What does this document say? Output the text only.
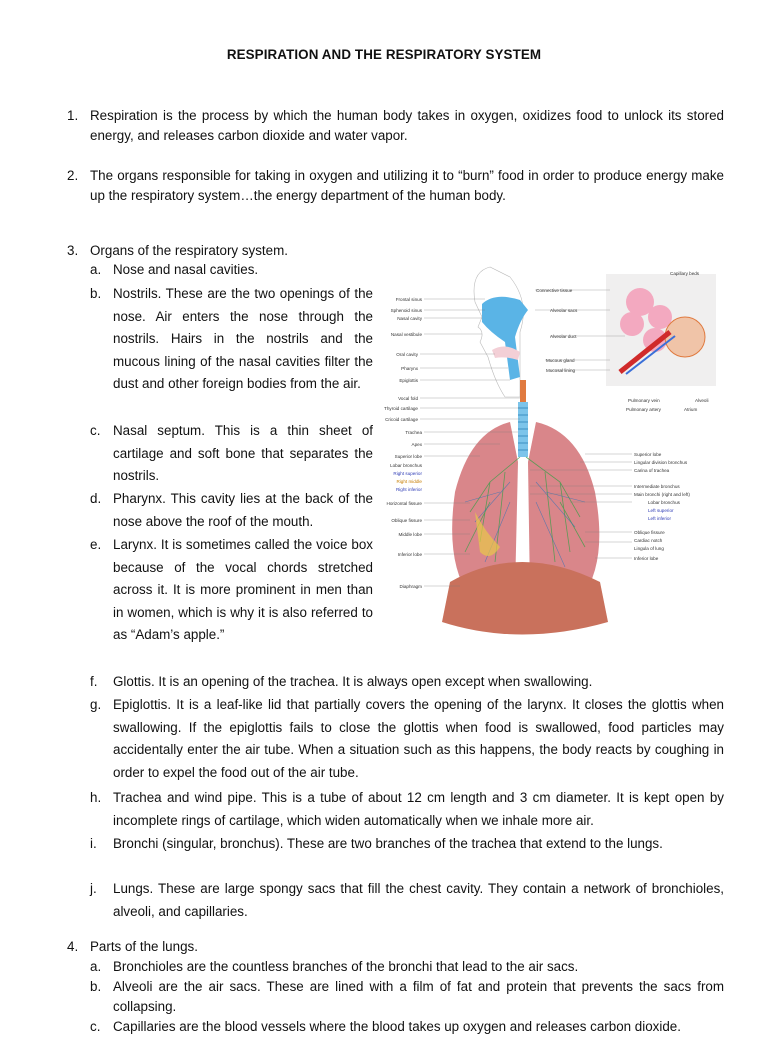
RESPIRATION AND THE RESPIRATORY SYSTEM
1. Respiration is the process by which the human body takes in oxygen, oxidizes food to unlock its stored energy, and releases carbon dioxide and water vapor.
2. The organs responsible for taking in oxygen and utilizing it to “burn” food in order to produce energy make up the respiratory system…the energy department of the human body.
3. Organs of the respiratory system.
a. Nose and nasal cavities.
b. Nostrils. These are the two openings of the nose. Air enters the nose through the nostrils. Hairs in the nostrils and the mucous lining of the nasal cavities filter the dust and other foreign bodies from the air.
c. Nasal septum. This is a thin sheet of cartilage and soft bone that separates the nostrils.
d. Pharynx. This cavity lies at the back of the nose above the roof of the mouth.
e. Larynx. It is sometimes called the voice box because of the vocal chords stretched across it. It is more prominent in men than in women, which is why it is also referred to as “Adam’s apple.”
f. Glottis. It is an opening of the trachea. It is always open except when swallowing.
g. Epiglottis. It is a leaf-like lid that partially covers the opening of the larynx. It closes the glottis when swallowing. If the epiglottis fails to close the glottis when food is swallowed, food particles may accidentally enter the air tube. When a situation such as this happens, the body reacts by coughing in order to expel the food out of the air tube.
h. Trachea and wind pipe. This is a tube of about 12 cm length and 3 cm diameter. It is kept open by incomplete rings of cartilage, which widen automatically when we inhale more air.
i. Bronchi (singular, bronchus). These are two branches of the trachea that extend to the lungs.
j. Lungs. These are large spongy sacs that fill the chest cavity. They contain a network of bronchioles, alveoli, and capillaries.
4. Parts of the lungs.
a. Bronchioles are the countless branches of the bronchi that lead to the air sacs.
b. Alveoli are the air sacs. These are lined with a film of fat and protein that prevents the sacs from collapsing.
c. Capillaries are the blood vessels where the blood takes up oxygen and releases carbon dioxide.
Frontal sinus
Sphenoid sinus
Nasal cavity
Nasal vestibule
Oral cavity
Pharynx
Epiglottis
Vocal fold
Thyroid cartilage
Cricoid cartilage
Trachea
Apex
Superior lobe
Lobar bronchus
Right superior
Right middle
Right inferior
Horizontal fissure
Oblique fissure
Middle lobe
Inferior lobe
Diaphragm
Connective tissue
Alveolar sacs
Alveolar duct
Mucous gland
Mucosal lining
Superior lobe
Lingular division bronchus
Carina of trachea
Intermediate bronchus
Main bronchi (right and left)
Lobar bronchus
Left superior
Left inferior
Oblique fissure
Cardiac notch
Lingula of lung
Inferior lobe
Capillary beds
Pulmonary vein
Pulmonary artery
Alveoli
Atrium
